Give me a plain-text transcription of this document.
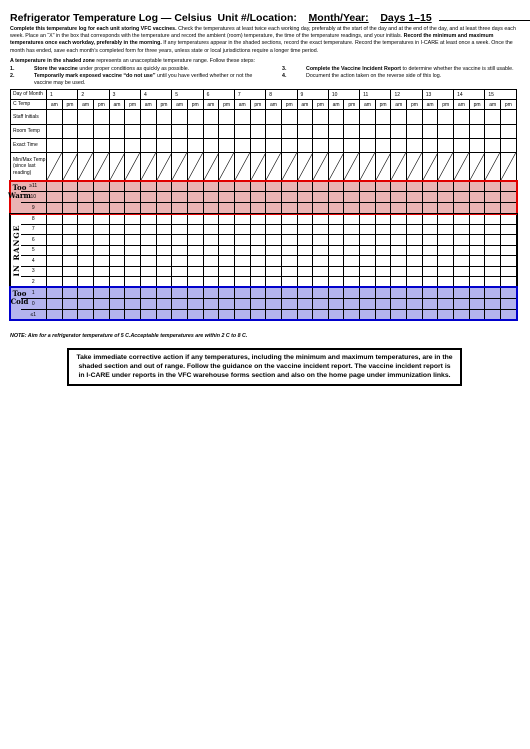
Refrigerator Temperature Log — Celsius Unit #/Location: Month/Year: Days 1–15
Complete this temperature log for each unit storing VFC vaccines. Check the temperatures at least twice each working day, preferably at the start of the day and at the end of the day, and at least three days each week. Place an “X” in the box that corresponds with the temperature and record the ambient (room) temperature, the time of the temperature readings, and your initials. Record the minimum and maximum temperatures once each workday, preferably in the morning. If any temperatures appear in the shaded sections, record the exact temperature. Record the temperatures in I-CARE at least once a week. Once the month has ended, save each month’s completed form for three years, unless state or local jurisdictions require a longer time period.
A temperature in the shaded zone represents an unacceptable temperature range. Follow these steps:
1.	Store the vaccine under proper conditions as quickly as possible.
2.	Temporarily mark exposed vaccine “do not use” until you have verified whether or not the vaccine may be used.
3.	Complete the Vaccine Incident Report to determine whether the vaccine is still usable.
4.	Document the action taken on the reverse side of this log.
Day of Month		1		2		3		4		5		6		7		8		9		10		11		12		13		14		15	
C Temp		am	pm	am	pm	am	pm	am	pm	am	pm	am	pm	am	pm	am	pm	am	pm	am	pm	am	pm	am	pm	am	pm	am	pm	am	pm
Staff Initials																															
Room Temp																															
Exact Time																															
Min/Max Temp (since last reading)	

	≥11																														
	10																														
	9																														
	8																														
	7																														
	6																														
	5																														
	4																														
	3																														
	2																														
	1																														
	0																														
	≤1																														
NOTE: Aim for a refrigerator temperature of 5 C.Acceptable temperatures are within 2 C to 8 C.
Take immediate corrective action if any temperatures, including the minimum and maximum temperatures, are in the shaded section and out of range. Follow the guidance on the vaccine incident report. The vaccine incident report is in I-CARE under reports in the VFC warehouse forms section and also on the home page under immunization links.
Too Warm
IN RANGE
Too Cold
